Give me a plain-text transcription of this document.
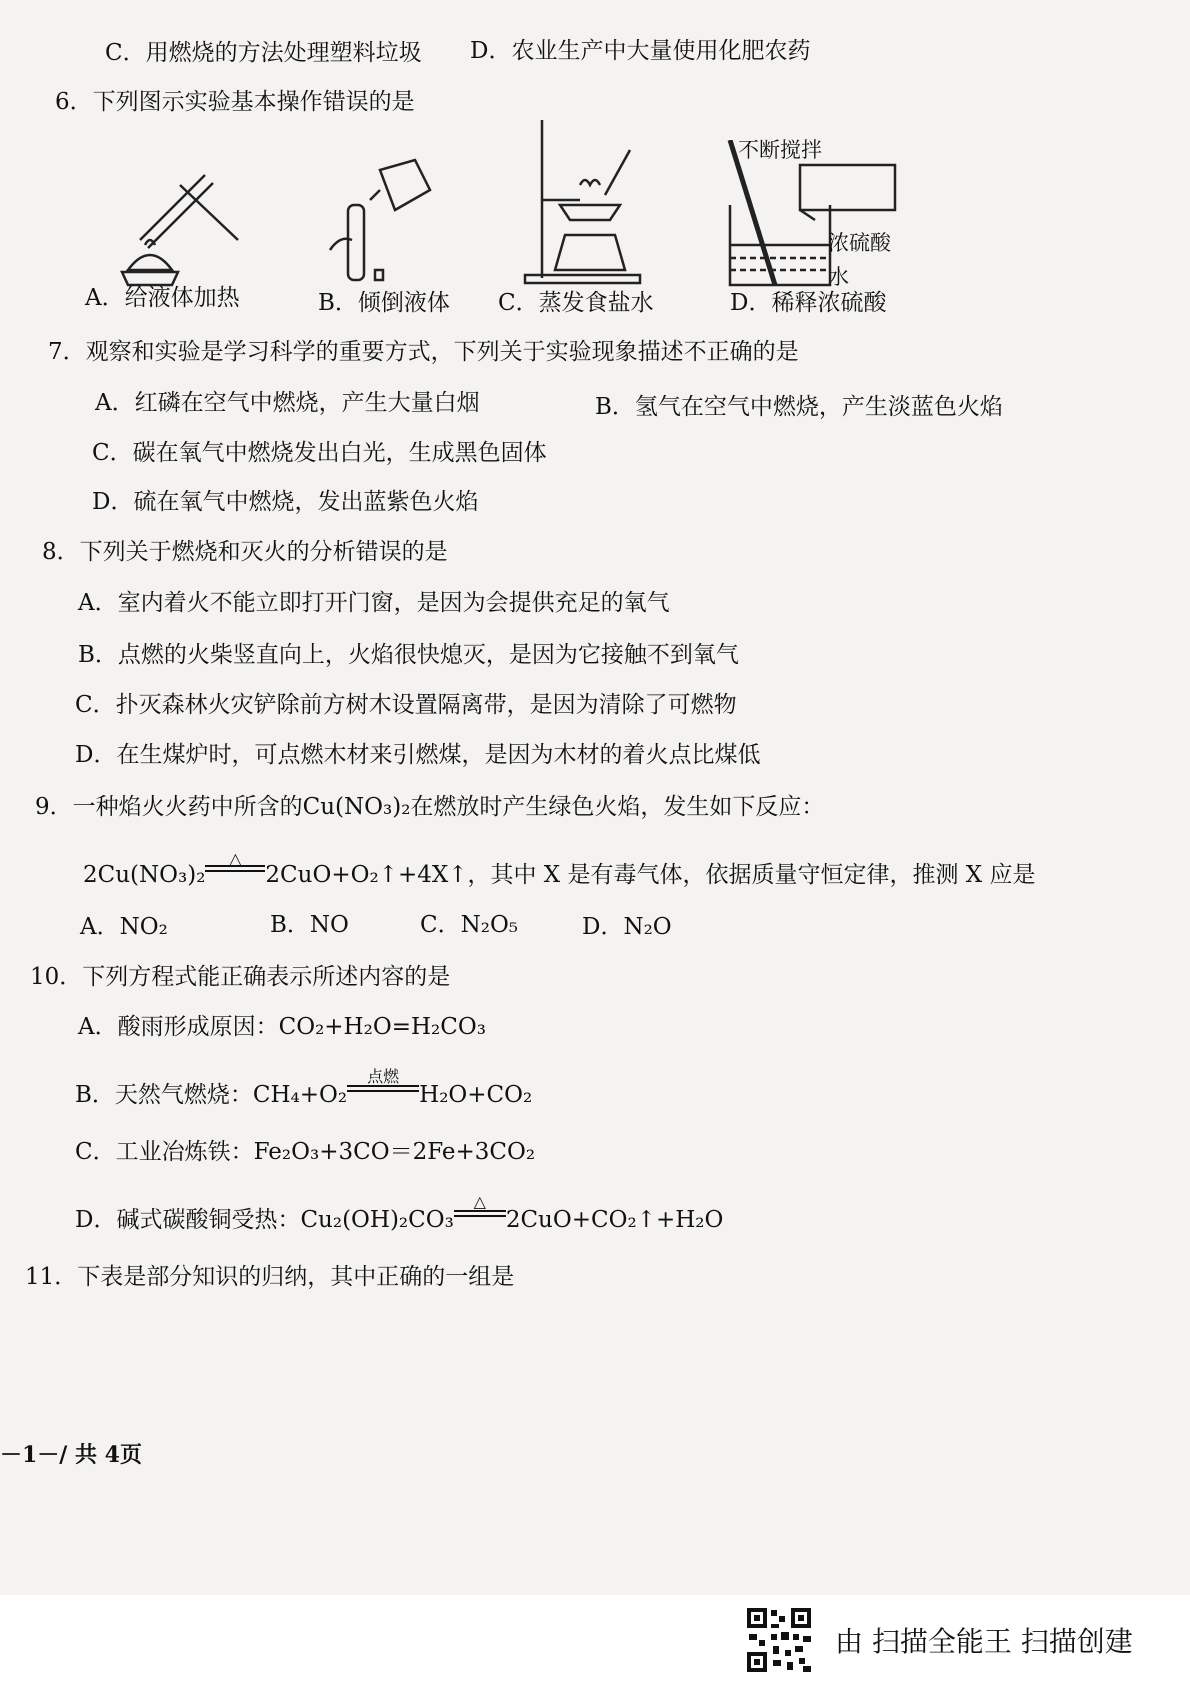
C．用燃烧的方法处理塑料垃圾 D．农业生产中大量使用化肥农药
6．下列图示实验基本操作错误的是
A．给液体加热	B．倾倒液体 C．蒸发食盐水
不断搅拌
浓硫酸
水
D．稀释浓硫酸
7．观察和实验是学习科学的重要方式，下列关于实验现象描述不正确的是
A．红磷在空气中燃烧，产生大量白烟	B．氢气在空气中燃烧，产生淡蓝色火焰
C．碳在氧气中燃烧发出白光，生成黑色固体
D．硫在氧气中燃烧，发出蓝紫色火焰
8．下列关于燃烧和灭火的分析错误的是
A．室内着火不能立即打开门窗，是因为会提供充足的氧气
B．点燃的火柴竖直向上，火焰很快熄灭，是因为它接触不到氧气
C．扑灭森林火灾铲除前方树木设置隔离带，是因为清除了可燃物
D．在生煤炉时，可点燃木材来引燃煤，是因为木材的着火点比煤低
9．一种焰火火药中所含的Cu(NO₃)₂在燃放时产生绿色火焰，发生如下反应：
2Cu(NO₃)₂
△
2CuO+O₂↑+4X↑，其中 X 是有毒气体，依据质量守恒定律，推测 X 应是
A．NO₂	B．NO	C．N₂O₅	D．N₂O
10．下列方程式能正确表示所述内容的是
A．酸雨形成原因：CO₂+H₂O=H₂CO₃
B．天然气燃烧：CH₄+O₂
点燃
H₂O+CO₂
C．工业冶炼铁：Fe₂O₃+3CO＝2Fe+3CO₂
D．碱式碳酸铜受热：Cu₂(OH)₂CO₃
△
2CuO+CO₂↑+H₂O
11．下表是部分知识的归纳，其中正确的一组是
－1－/ 共 4页
由 扫描全能王 扫描创建
